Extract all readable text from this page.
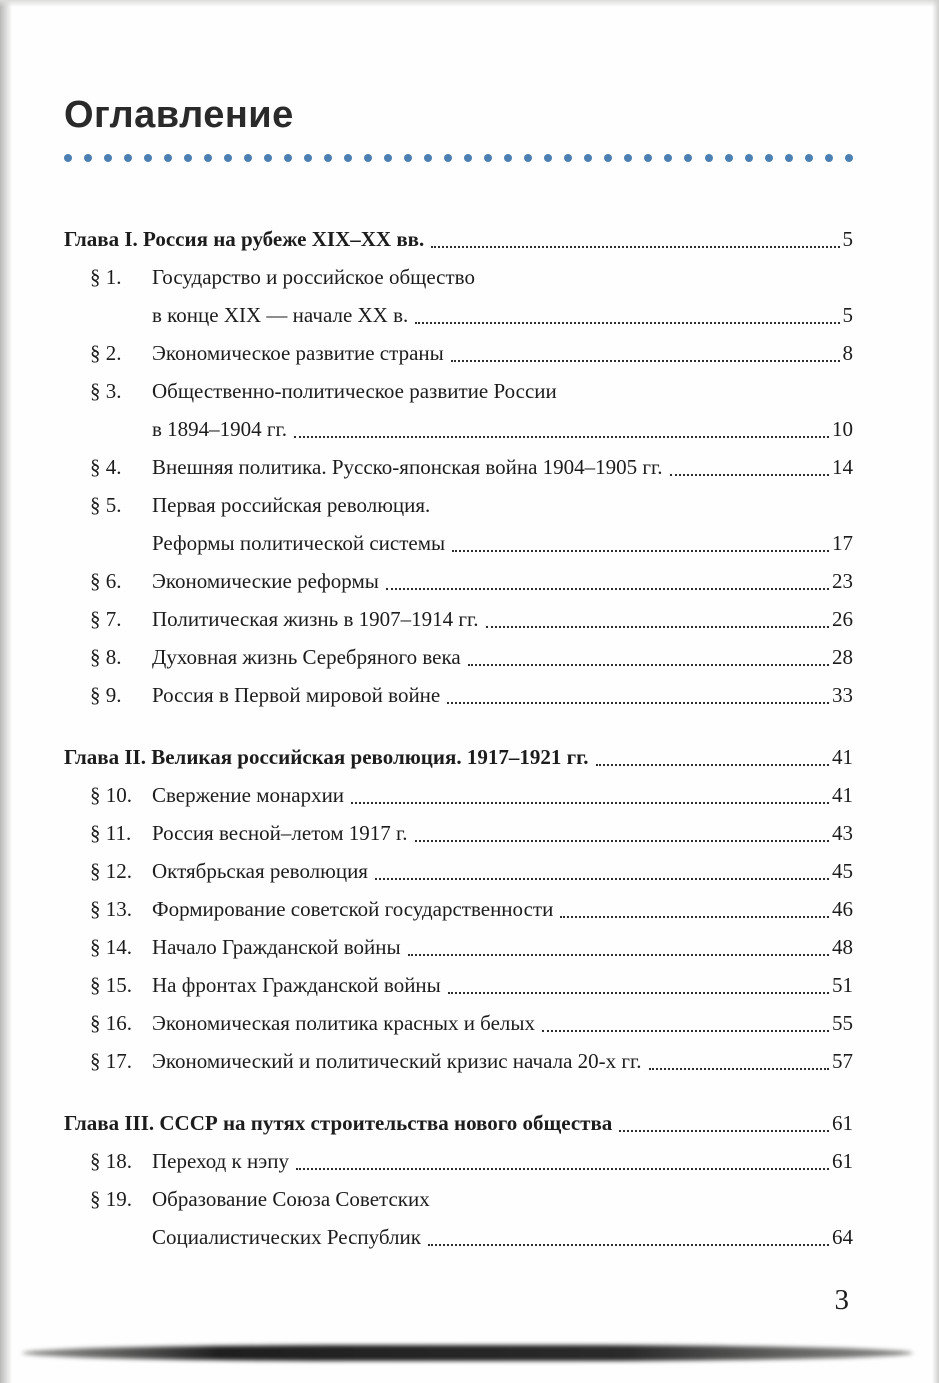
Оглавление
Глава I. Россия на рубеже XIX–XX вв.	5
§ 1.	Государство и российское общество
в конце XIX — начале XX в.	5
§ 2.	Экономическое развитие страны	8
§ 3.	Общественно-политическое развитие России
в 1894–1904 гг.	10
§ 4.	Внешняя политика. Русско-японская война 1904–1905 гг.	14
§ 5.	Первая российская революция.
Реформы политической системы	17
§ 6.	Экономические реформы	23
§ 7.	Политическая жизнь в 1907–1914 гг.	26
§ 8.	Духовная жизнь Серебряного века	28
§ 9.	Россия в Первой мировой войне	33
Глава II. Великая российская революция. 1917–1921 гг.	41
§ 10. Свержение монархии	41
§ 11. Россия весной–летом 1917 г.	43
§ 12. Октябрьская революция	45
§ 13. Формирование советской государственности	46
§ 14. Начало Гражданской войны	48
§ 15. На фронтах Гражданской войны	51
§ 16. Экономическая политика красных и белых	55
§ 17. Экономический и политический кризис начала 20-х гг.	57
Глава III. СССР на путях строительства нового общества	61
§ 18. Переход к нэпу	61
§ 19. Образование Союза Советских
Социалистических Республик	64
3
